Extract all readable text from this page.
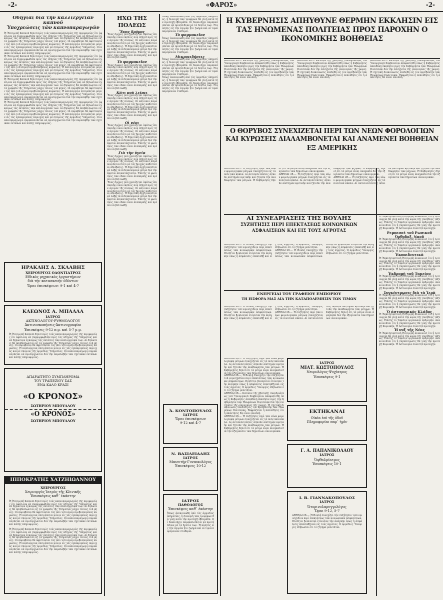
-2-	«ΦΑΡΟΣ»	-2-
Ὁδηγίαι διὰ τὴν καλλιέργειαν καπνοῦ
Ὑποχρεώσεις τῶν καπνοπαραγωγῶν
Ἡ Ἐπιτροπὴ Καπνοῦ δηλοῖ πρὸς τοὺς καπνοπαραγωγοὺς τῆς περιφερείας ὅτι ὀφείλουν νὰ συμμορφωθοῦν πρὸς τὰς ὁδηγίας τῆς Ὑπηρεσίας καὶ νὰ δηλώσουν ἐγκαίρως τὰς ἐκτάσεις τῶν καλλιεργειῶν των. Αἱ δηλώσεις θὰ ὑποβάλλωνται εἰς τὰ γραφεῖα τῆς Ὑπηρεσίας μέχρι τέλους τοῦ μηνός. Οἱ παραβάται θὰ ὑφίστανται τὰς ὑπὸ τοῦ νόμου προβλεπομένας κυρώσεις. Ἡ καλλιέργεια ἐπιτρέπεται μόνον εἰς τὰς ἐγκεκριμένας περιοχὰς καὶ μὲ σπόρους τῆς ἀρμοδίας Ὑπηρεσίας. Οἱ καπνοπαραγωγοὶ παρακαλοῦνται νὰ προσέρχωνται διὰ τὴν παραλαβὴν τῶν σχετικῶν ἐντύπων καὶ πάσης πληροφορίας.
Ἡ Ἐπιτροπὴ Καπνοῦ δηλοῖ πρὸς τοὺς καπνοπαραγωγοὺς τῆς περιφερείας ὅτι ὀφείλουν νὰ συμμορφωθοῦν πρὸς τὰς ὁδηγίας τῆς Ὑπηρεσίας καὶ νὰ δηλώσουν ἐγκαίρως τὰς ἐκτάσεις τῶν καλλιεργειῶν των. Αἱ δηλώσεις θὰ ὑποβάλλωνται εἰς τὰ γραφεῖα τῆς Ὑπηρεσίας μέχρι τέλους τοῦ μηνός. Οἱ παραβάται θὰ ὑφίστανται τὰς ὑπὸ τοῦ νόμου προβλεπομένας κυρώσεις. Ἡ καλλιέργεια ἐπιτρέπεται μόνον εἰς τὰς ἐγκεκριμένας περιοχὰς καὶ μὲ σπόρους τῆς ἀρμοδίας Ὑπηρεσίας. Οἱ καπνοπαραγωγοὶ παρακαλοῦνται νὰ προσέρχωνται διὰ τὴν παραλαβὴν τῶν σχετικῶν ἐντύπων καὶ πάσης πληροφορίας.
Ἡ Ἐπιτροπὴ Καπνοῦ δηλοῖ πρὸς τοὺς καπνοπαραγωγοὺς τῆς περιφερείας ὅτι ὀφείλουν νὰ συμμορφωθοῦν πρὸς τὰς ὁδηγίας τῆς Ὑπηρεσίας καὶ νὰ δηλώσουν ἐγκαίρως τὰς ἐκτάσεις τῶν καλλιεργειῶν των. Αἱ δηλώσεις θὰ ὑποβάλλωνται εἰς τὰ γραφεῖα τῆς Ὑπηρεσίας μέχρι τέλους τοῦ μηνός. Οἱ παραβάται θὰ ὑφίστανται τὰς ὑπὸ τοῦ νόμου προβλεπομένας κυρώσεις. Ἡ καλλιέργεια ἐπιτρέπεται μόνον εἰς τὰς ἐγκεκριμένας περιοχὰς καὶ μὲ σπόρους τῆς ἀρμοδίας Ὑπηρεσίας. Οἱ καπνοπαραγωγοὶ παρακαλοῦνται νὰ προσέρχωνται διὰ τὴν παραλαβὴν τῶν σχετικῶν ἐντύπων καὶ πάσης πληροφορίας.
Ἡ Ἐπιτροπὴ Καπνοῦ δηλοῖ πρὸς τοὺς καπνοπαραγωγοὺς τῆς περιφερείας ὅτι ὀφείλουν νὰ συμμορφωθοῦν πρὸς τὰς ὁδηγίας τῆς Ὑπηρεσίας καὶ νὰ δηλώσουν ἐγκαίρως τὰς ἐκτάσεις τῶν καλλιεργειῶν των. Αἱ δηλώσεις θὰ ὑποβάλλωνται εἰς τὰ γραφεῖα τῆς Ὑπηρεσίας μέχρι τέλους τοῦ μηνός. Οἱ παραβάται θὰ ὑφίστανται τὰς ὑπὸ τοῦ νόμου προβλεπομένας κυρώσεις. Ἡ καλλιέργεια ἐπιτρέπεται μόνον εἰς τὰς ἐγκεκριμένας περιοχὰς καὶ μὲ σπόρους τῆς ἀρμοδίας Ὑπηρεσίας. Οἱ καπνοπαραγωγοὶ παρακαλοῦνται νὰ προσέρχωνται διὰ τὴν παραλαβὴν τῶν σχετικῶν ἐντύπων καὶ πάσης πληροφορίας.
ΗΡΑΚΛΗΣ Δ. ΣΚΛΑΒΗΣ
ΧΕΙΡΟΥΡΓΟΣ ΟΔΟΝΤΙΑΤΡΟΣ
Εἰδικὸς μηχανικὸς ἐργαστήριον
διὰ τὴν κατασκευὴν ὀδόντων
Ὥραι ἐπισκέψεων: 9-1 καὶ 4-7
ΚΛΕΩΝΟΣ Α. ΜΠΑΛΛΑ
ΙΑΤΡΟΣ
ΑΚΤΙΝΟΛΟΓΟΥ-ΡΥΘΜΟΛΟΓΟΥ
Ἀκτινοσκοπήσεις-Ἀκτινογραφίαι
Ἐπισκέψεις 9-12 π.μ. καὶ 5-7 μ.μ.
Ἡ Ἐπιτροπὴ Καπνοῦ δηλοῖ πρὸς τοὺς καπνοπαραγωγοὺς τῆς περιφερείας ὅτι ὀφείλουν νὰ συμμορφωθοῦν πρὸς τὰς ὁδηγίας τῆς Ὑπηρεσίας καὶ νὰ δηλώσουν ἐγκαίρως τὰς ἐκτάσεις τῶν καλλιεργειῶν των. Αἱ δηλώσεις θὰ ὑποβάλλωνται εἰς τὰ γραφεῖα τῆς Ὑπηρεσίας μέχρι τέλους τοῦ μηνός. Οἱ παραβάται θὰ ὑφίστανται τὰς ὑπὸ τοῦ νόμου προβλεπομένας κυρώσεις. Ἡ καλλιέργεια ἐπιτρέπεται μόνον εἰς τὰς ἐγκεκριμένας περιοχὰς καὶ μὲ σπόρους τῆς ἀρμοδίας Ὑπηρεσίας. Οἱ καπνοπαραγωγοὶ παρακαλοῦνται νὰ προσέρχωνται διὰ τὴν παραλαβὴν τῶν σχετικῶν ἐντύπων καὶ πάσης πληροφορίας.
ΑΠΑΡΑΙΤΗΤΟ ΣΥΜΠΛΗΡΩΜΑ
ΤΟΥ ΤΡΑΠΕΖΙΟΥ ΣΑΣ
ΕΝΑ ΚΑΛΟ ΚΡΑΣΙ
«Ο ΚΡΟΝΟΣ»
ΣΩΤΗΡΙΟΥ ΜΠΟΥΛΛΟΥ
«Ο ΚΡΟΝΟΣ»
ΣΩΤΗΡΙΟΥ ΜΠΟΥΛΛΟΥ
ΙΠΠΟΚΡΑΤΗΣ ΧΑΤΖΗΙΩΑΝΝΟΥ
ΧΕΙΡΟΥΡΓΟΣ
Χειρουργὸς Ἰατρὸς τῆς Κλινικῆς
Ἐπισκέψεις καθ᾽ ἑκάστην
Ἡ Ἐπιτροπὴ Καπνοῦ δηλοῖ πρὸς τοὺς καπνοπαραγωγοὺς τῆς περιφερείας ὅτι ὀφείλουν νὰ συμμορφωθοῦν πρὸς τὰς ὁδηγίας τῆς Ὑπηρεσίας καὶ νὰ δηλώσουν ἐγκαίρως τὰς ἐκτάσεις τῶν καλλιεργειῶν των. Αἱ δηλώσεις θὰ ὑποβάλλωνται εἰς τὰ γραφεῖα τῆς Ὑπηρεσίας μέχρι τέλους τοῦ μηνός. Οἱ παραβάται θὰ ὑφίστανται τὰς ὑπὸ τοῦ νόμου προβλεπομένας κυρώσεις. Ἡ καλλιέργεια ἐπιτρέπεται μόνον εἰς τὰς ἐγκεκριμένας περιοχὰς καὶ μὲ σπόρους τῆς ἀρμοδίας Ὑπηρεσίας. Οἱ καπνοπαραγωγοὶ παρακαλοῦνται νὰ προσέρχωνται διὰ τὴν παραλαβὴν τῶν σχετικῶν ἐντύπων καὶ πάσης πληροφορίας.
Ἡ Ἐπιτροπὴ Καπνοῦ δηλοῖ πρὸς τοὺς καπνοπαραγωγοὺς τῆς περιφερείας ὅτι ὀφείλουν νὰ συμμορφωθοῦν πρὸς τὰς ὁδηγίας τῆς Ὑπηρεσίας καὶ νὰ δηλώσουν ἐγκαίρως τὰς ἐκτάσεις τῶν καλλιεργειῶν των. Αἱ δηλώσεις θὰ ὑποβάλλωνται εἰς τὰ γραφεῖα τῆς Ὑπηρεσίας μέχρι τέλους τοῦ μηνός. Οἱ παραβάται θὰ ὑφίστανται τὰς ὑπὸ τοῦ νόμου προβλεπομένας κυρώσεις. Ἡ καλλιέργεια ἐπιτρέπεται μόνον εἰς τὰς ἐγκεκριμένας περιοχὰς καὶ μὲ σπόρους τῆς ἀρμοδίας Ὑπηρεσίας. Οἱ καπνοπαραγωγοὶ παρακαλοῦνται νὰ προσέρχωνται διὰ τὴν παραλαβὴν τῶν σχετικῶν ἐντύπων καὶ πάσης πληροφορίας.
ΗΧΩ ΤΗΣ ΠΟΛΕΩΣ
Ἔνας δρόμος
Ἕνας δρόμος ποὺ χρειάζεται ἀμέσως ἐπισκευήν εἶναι ἐκεῖνος ποὺ ὁδηγεῖ πρὸς τὴν ἀγορὰν τῆς πόλεως. Οἱ κάτοικοι παραπονοῦνται διότι μὲ τὰς βροχὰς καθίσταται ἀδιάβατος. Ἡ δημοτικὴ ἀρχὴ καλεῖται νὰ λάβῃ τὰ ἐνδεικνυόμενα μέτρα διὰ τὴν ἄμεσον ἀποκατάστασιν. Ἐπίσης τὸ φωτισμὸς τῶν ὁδῶν εἶναι ἀνεπαρκὴς καὶ πρέπει νὰ βελτιωθῇ.
Τὸ φαρμακεῖον
Ἕνας δρόμος ποὺ χρειάζεται ἀμέσως ἐπισκευήν εἶναι ἐκεῖνος ποὺ ὁδηγεῖ πρὸς τὴν ἀγορὰν τῆς πόλεως. Οἱ κάτοικοι παραπονοῦνται διότι μὲ τὰς βροχὰς καθίσταται ἀδιάβατος. Ἡ δημοτικὴ ἀρχὴ καλεῖται νὰ λάβῃ τὰ ἐνδεικνυόμενα μέτρα διὰ τὴν ἄμεσον ἀποκατάστασιν. Ἐπίσης τὸ φωτισμὸς τῶν ὁδῶν εἶναι ἀνεπαρκὴς καὶ πρέπει νὰ βελτιωθῇ.
Κάτι ποὺ λείπει
Ἕνας δρόμος ποὺ χρειάζεται ἀμέσως ἐπισκευήν εἶναι ἐκεῖνος ποὺ ὁδηγεῖ πρὸς τὴν ἀγορὰν τῆς πόλεως. Οἱ κάτοικοι παραπονοῦνται διότι μὲ τὰς βροχὰς καθίσταται ἀδιάβατος. Ἡ δημοτικὴ ἀρχὴ καλεῖται νὰ λάβῃ τὰ ἐνδεικνυόμενα μέτρα διὰ τὴν ἄμεσον ἀποκατάστασιν. Ἐπίσης τὸ φωτισμὸς τῶν ὁδῶν εἶναι ἀνεπαρκὴς καὶ πρέπει νὰ βελτιωθῇ.
Οἱ νέοι
Ἕνας δρόμος ποὺ χρειάζεται ἀμέσως ἐπισκευήν εἶναι ἐκεῖνος ποὺ ὁδηγεῖ πρὸς τὴν ἀγορὰν τῆς πόλεως. Οἱ κάτοικοι παραπονοῦνται διότι μὲ τὰς βροχὰς καθίσταται ἀδιάβατος. Ἡ δημοτικὴ ἀρχὴ καλεῖται νὰ λάβῃ τὰ ἐνδεικνυόμενα μέτρα διὰ τὴν ἄμεσον ἀποκατάστασιν. Ἐπίσης τὸ φωτισμὸς τῶν ὁδῶν εἶναι ἀνεπαρκὴς καὶ πρέπει νὰ βελτιωθῇ.
Γιὰ τὴν ὑγεία
Ἕνας δρόμος ποὺ χρειάζεται ἀμέσως ἐπισκευήν εἶναι ἐκεῖνος ποὺ ὁδηγεῖ πρὸς τὴν ἀγορὰν τῆς πόλεως. Οἱ κάτοικοι παραπονοῦνται διότι μὲ τὰς βροχὰς καθίσταται ἀδιάβατος. Ἡ δημοτικὴ ἀρχὴ καλεῖται νὰ λάβῃ τὰ ἐνδεικνυόμενα μέτρα διὰ τὴν ἄμεσον ἀποκατάστασιν. Ἐπίσης τὸ φωτισμὸς τῶν ὁδῶν εἶναι ἀνεπαρκὴς καὶ πρέπει νὰ βελτιωθῇ.
Ἕνας δρόμος ποὺ χρειάζεται ἀμέσως ἐπισκευήν εἶναι ἐκεῖνος ποὺ ὁδηγεῖ πρὸς τὴν ἀγορὰν τῆς πόλεως. Οἱ κάτοικοι παραπονοῦνται διότι μὲ τὰς βροχὰς καθίσταται ἀδιάβατος. Ἡ δημοτικὴ ἀρχὴ καλεῖται νὰ λάβῃ τὰ ἐνδεικνυόμενα μέτρα διὰ τὴν ἄμεσον ἀποκατάστασιν. Ἐπίσης τὸ φωτισμὸς τῶν ὁδῶν εἶναι ἀνεπαρκὴς καὶ πρέπει νὰ βελτιωθῇ.
Ὅπως ἀνεκοινώθη ἀπὸ τὰς ἁρμοδίας ὑπηρεσίας, ἡ διανομὴ τῶν τροφίμων θὰ γίνῃ κατὰ τὴν προσεχῆ ἑβδομάδα. Οἱ δικαιοῦχοι παρακαλοῦνται νὰ προσέλθουν μὲ τὰ δελτία των. Ἡ κίνησις εἰς τὴν ἀγορὰν ἦτο ζωηρὰ καὶ αἱ τιμαὶ παρέμειναν σταθεραί.
Τὸ φαρμακεῖον
Ὅπως ἀνεκοινώθη ἀπὸ τὰς ἁρμοδίας ὑπηρεσίας, ἡ διανομὴ τῶν τροφίμων θὰ γίνῃ κατὰ τὴν προσεχῆ ἑβδομάδα. Οἱ δικαιοῦχοι παρακαλοῦνται νὰ προσέλθουν μὲ τὰ δελτία των. Ἡ κίνησις εἰς τὴν ἀγορὰν ἦτο ζωηρὰ καὶ αἱ τιμαὶ παρέμειναν σταθεραί.
Μικροειδήσεις
Ὅπως ἀνεκοινώθη ἀπὸ τὰς ἁρμοδίας ὑπηρεσίας, ἡ διανομὴ τῶν τροφίμων θὰ γίνῃ κατὰ τὴν προσεχῆ ἑβδομάδα. Οἱ δικαιοῦχοι παρακαλοῦνται νὰ προσέλθουν μὲ τὰ δελτία των. Ἡ κίνησις εἰς τὴν ἀγορὰν ἦτο ζωηρὰ καὶ αἱ τιμαὶ παρέμειναν σταθεραί.
Ὅπως ἀνεκοινώθη ἀπὸ τὰς ἁρμοδίας ὑπηρεσίας, ἡ διανομὴ τῶν τροφίμων θὰ γίνῃ κατὰ τὴν προσεχῆ ἑβδομάδα. Οἱ δικαιοῦχοι παρακαλοῦνται νὰ προσέλθουν μὲ τὰ δελτία των. Ἡ κίνησις εἰς τὴν ἀγορὰν ἦτο ζωηρὰ καὶ αἱ τιμαὶ παρέμειναν σταθεραί.
Ἀ. ΚΟΝΤΟΠΟΥΛΟΣ
ΙΑΤΡΟΣ
Ὥραι ἐπισκέψεων
9-12 καὶ 4-7
Ν. ΒΑΣΙΛΕΙΑΔΗΣ
ΙΑΤΡΟΣ
Μαιευτὴρ-Γυναικολόγος
Ἐπισκέψεις 10-12
ΙΑΤΡΟΣ
ΠΑΘΟΛΟΓΟΣ
Ἐπισκέψεις καθ᾽ ἑκάστην
Ὅπως ἀνεκοινώθη ἀπὸ τὰς ἁρμοδίας ὑπηρεσίας, ἡ διανομὴ τῶν τροφίμων θὰ γίνῃ κατὰ τὴν προσεχῆ ἑβδομάδα. Οἱ δικαιοῦχοι παρακαλοῦνται νὰ προσέλθουν μὲ τὰ δελτία των. Ἡ κίνησις εἰς τὴν ἀγορὰν ἦτο ζωηρὰ καὶ αἱ τιμαὶ παρέμειναν σταθεραί.
Η ΚΥΒΕΡΝΗΣΙΣ ΑΠΗΥΘΥΝΕ ΘΕΡΜΗΝ ΕΚΚΛΗΣΙΝ ΕΙΣ ΤΑΣ ΗΝΩΜΕΝΑΣ ΠΟΛΙΤΕΙΑΣ ΠΡΟΣ ΠΑΡΟΧΗΝ Ο ΙΚΟΝΟΜΙΚΗΣ ΒΟΗΘΕΙΑΣ
ΑΘΗΝΑΙ 28.— Κατόπιν τῆς χθεσινῆς συνεδριάσεως τοῦ Ὑπουργικοῦ Συμβουλίου ἀπεφασίσθη ὅπως ἡ Κυβέρνησις ἀπευθύνῃ ἔκκλησιν πρὸς τὴν Κυβέρνησιν τῶν Ἡνωμένων Πολιτειῶν διὰ τὴν ἐνίσχυσιν τῆς οἰκονομίας τῆς χώρας. Ἡ σχετικὴ διακοίνωσις ἐπεδόθη εἰς τὸν πρεσβευτὴν τῶν Ἡνωμένων Πολιτειῶν. Ἐκφράζεται ἡ πεποίθησις ὅτι ἡ ἀπάντησις θὰ εἶναι εὐνοϊκή.
ΑΘΗΝΑΙ 28.— Κατόπιν τῆς χθεσινῆς συνεδριάσεως τοῦ Ὑπουργικοῦ Συμβουλίου ἀπεφασίσθη ὅπως ἡ Κυβέρνησις ἀπευθύνῃ ἔκκλησιν πρὸς τὴν Κυβέρνησιν τῶν Ἡνωμένων Πολιτειῶν διὰ τὴν ἐνίσχυσιν τῆς οἰκονομίας τῆς χώρας. Ἡ σχετικὴ διακοίνωσις ἐπεδόθη εἰς τὸν πρεσβευτὴν τῶν Ἡνωμένων Πολιτειῶν. Ἐκφράζεται ἡ πεποίθησις ὅτι ἡ ἀπάντησις θὰ εἶναι εὐνοϊκή.
ΑΘΗΝΑΙ 28.— Κατόπιν τῆς χθεσινῆς συνεδριάσεως τοῦ Ὑπουργικοῦ Συμβουλίου ἀπεφασίσθη ὅπως ἡ Κυβέρνησις ἀπευθύνῃ ἔκκλησιν πρὸς τὴν Κυβέρνησιν τῶν Ἡνωμένων Πολιτειῶν διὰ τὴν ἐνίσχυσιν τῆς οἰκονομίας τῆς χώρας. Ἡ σχετικὴ διακοίνωσις ἐπεδόθη εἰς τὸν πρεσβευτὴν τῶν Ἡνωμένων Πολιτειῶν. Ἐκφράζεται ἡ πεποίθησις ὅτι ἡ ἀπάντησις θὰ εἶναι εὐνοϊκή.
Ο ΘΟΡΥΒΟΣ ΣΥΝΕΧΙΖΕΤΑΙ ΠΕΡΙ ΤΩΝ ΝΕΩΝ ΦΟΡΟΛΟΓΙΩΝ ΚΑΙ ΚΥΡΩΣΕΙΣ ΔΙΑΛΑΜΒΟΝΕΤΑΙ ΚΑΙ ΑΝΑΜΕΝΕΙ ΒΟΗΘΕΙΑΝ ΕΞ ΑΜΕΡΙΚΗΣ
ΑΘΗΝΑΙ 28.— Ἡ συζήτησις περὶ τῶν νέων φορολογικῶν μέτρων συνεχίζεται εἰς τὰ πολιτικὰ κύκλα. Αἱ ἀντιπολιτεύσεις ἀσκοῦν αὐστηρὰν κριτικὴν καὶ ζητοῦν τὴν ἀναθεώρησιν τῶν μέτρων. Ἡ Κυβέρνησις δηλοῖ ὅτι τὰ μέτρα εἶναι ἀναγκαῖα διὰ τὴν ἐξυγίανσιν τῶν δημοσίων οἰκονομικῶν.
ΑΘΗΝΑΙ 28.— Ἡ συζήτησις περὶ τῶν νέων φορολογικῶν μέτρων συνεχίζεται εἰς τὰ πολιτικὰ κύκλα. Αἱ ἀντιπολιτεύσεις ἀσκοῦν αὐστηρὰν κριτικὴν καὶ ζητοῦν τὴν ἀναθεώρησιν τῶν μέτρων. Ἡ Κυβέρνησις δηλοῖ ὅτι τὰ μέτρα εἶναι ἀναγκαῖα διὰ τὴν ἐξυγίανσιν τῶν δημοσίων οἰκονομικῶν.
ΑΘΗΝΑΙ 28.— Ἡ συζήτησις περὶ τῶν νέων φορολογικῶν μέτρων συνεχίζεται εἰς τὰ πολιτικὰ κύκλα. Αἱ ἀντιπολιτεύσεις ἀσκοῦν αὐστηρὰν κριτικὴν καὶ ζητοῦν τὴν ἀναθεώρησιν τῶν μέτρων. Ἡ Κυβέρνησις δηλοῖ ὅτι τὰ μέτρα εἶναι ἀναγκαῖα διὰ τὴν ἐξυγίανσιν τῶν δημοσίων οἰκονομικῶν.
ΑΙ ΣΥΝΕΔΡΙΑΣΕΙΣ ΤΗΣ ΒΟΥΛΗΣ
ΣΥΖΗΤΗΣΙΣ ΠΕΡΙ ΕΠΕΚΤΑΣΕΩΣ ΚΟΙΝΩΝΙΚΩΝ ΑΣΦΑΛΙΣΕΩΝ ΚΑΙ ΕΙΣ ΤΟΥΣ ΑΓΡΟΤΑΣ
ΑΘΗΝΑΙ 28.— Ἡ Βουλὴ συνεχίζει τὴν συζήτησιν τοῦ νομοσχεδίου περὶ ἐπεκτάσεως τῶν κοινωνικῶν ἀσφαλίσεων. Πλεῖστοι βουλευταὶ ἐτόνισαν τὴν ἀνάγκην ὅπως ἡ ἀσφάλισις ἐπεκταθῇ καὶ εἰς τοὺς ἀγρότας. Ὁ ἁρμόδιος Ὑπουργὸς ἐδήλωσεν ὅτι τὸ ζήτημα μελετᾶται.
ΑΘΗΝΑΙ 28.— Ἡ Βουλὴ συνεχίζει τὴν συζήτησιν τοῦ νομοσχεδίου περὶ ἐπεκτάσεως τῶν κοινωνικῶν ἀσφαλίσεων. Πλεῖστοι βουλευταὶ ἐτόνισαν τὴν ἀνάγκην ὅπως ἡ ἀσφάλισις ἐπεκταθῇ καὶ εἰς τοὺς ἀγρότας. Ὁ ἁρμόδιος Ὑπουργὸς ἐδήλωσεν ὅτι τὸ ζήτημα μελετᾶται.
ΕΝΕΡΓΕΙΑΙ ΤΟΥ ΓΡΑΦΕΙΟΥ ΕΜΠΟΡΙΟΥ
ΤΗ ΕΙΣΦΟΡΑ ΜΑΣ ΔΙΑ ΤΗΝ ΚΑΤΑΠΟΛΕΜΗΣΙΝ ΤΩΝ ΤΙΜΩΝ
ΑΘΗΝΑΙ 28.— Ἡ Βουλὴ συνεχίζει τὴν συζήτησιν τοῦ νομοσχεδίου περὶ ἐπεκτάσεως τῶν κοινωνικῶν ἀσφαλίσεων. Πλεῖστοι βουλευταὶ ἐτόνισαν τὴν ἀνάγκην ὅπως ἡ ἀσφάλισις ἐπεκταθῇ καὶ εἰς τοὺς ἀγρότας. Ὁ ἁρμόδιος Ὑπουργὸς ἐδήλωσεν ὅτι τὸ ζήτημα μελετᾶται.
ΑΘΗΝΑΙ 28.— Ἡ συζήτησις περὶ τῶν νέων φορολογικῶν μέτρων συνεχίζεται εἰς τὰ πολιτικὰ κύκλα. Αἱ ἀντιπολιτεύσεις ἀσκοῦν αὐστηρὰν κριτικὴν καὶ ζητοῦν τὴν ἀναθεώρησιν τῶν μέτρων. Ἡ Κυβέρνησις δηλοῖ ὅτι τὰ μέτρα εἶναι ἀναγκαῖα διὰ τὴν ἐξυγίανσιν τῶν δημοσίων οἰκονομικῶν.
ΙΑΤΡΟΣ
ΜΙΑΤ. ΚΩΣΤΟΠΟΥΛΟΣ
Νευρολόγος-Ψυχίατρος
Ἐπισκέψεις 9-1
ΕΚΤΗΚΑΝΑΙ
Οἰκία ἐπὶ τῆς ὁδοῦ
Πληροφορίαι παρ᾽ ἡμῖν
Γ. Α. ΠΑΠΑΝΙΚΟΛΑΟΥ
ΙΑΤΡΟΣ
Ὀφθαλμίατρος
Ἐπισκέψεις 10-1
Ι. Β. ΓΙΑΝΝΑΚΟΠΟΥΛΟΣ
ΙΑΤΡΟΣ
Ὠτορινολαρυγγολόγος
Ὥραι 9-12, 5-7
ΑΘΗΝΑΙ 28.— Ἡ Βουλὴ συνεχίζει τὴν συζήτησιν τοῦ νομοσχεδίου περὶ ἐπεκτάσεως τῶν κοινωνικῶν ἀσφαλίσεων. Πλεῖστοι βουλευταὶ ἐτόνισαν τὴν ἀνάγκην ὅπως ἡ ἀσφάλισις ἐπεκταθῇ καὶ εἰς τοὺς ἀγρότας. Ὁ ἁρμόδιος Ὑπουργὸς ἐδήλωσεν ὅτι τὸ ζήτημα μελετᾶται.
ΑΘΗΝΑΙ 28.— Ἡ συζήτησις περὶ τῶν νέων φορολογικῶν μέτρων συνεχίζεται εἰς τὰ πολιτικὰ κύκλα. Αἱ ἀντιπολιτεύσεις ἀσκοῦν αὐστηρὰν κριτικὴν καὶ ζητοῦν τὴν ἀναθεώρησιν τῶν μέτρων. Ἡ Κυβέρνησις δηλοῖ ὅτι τὰ μέτρα εἶναι ἀναγκαῖα διὰ τὴν ἐξυγίανσιν τῶν δημοσίων οἰκονομικῶν.
ΑΘΗΝΑΙ 28.— Ἡ Βουλὴ συνεχίζει τὴν συζήτησιν τοῦ νομοσχεδίου περὶ ἐπεκτάσεως τῶν κοινωνικῶν ἀσφαλίσεων. Πλεῖστοι βουλευταὶ ἐτόνισαν τὴν ἀνάγκην ὅπως ἡ ἀσφάλισις ἐπεκταθῇ καὶ εἰς τοὺς ἀγρότας. Ὁ ἁρμόδιος Ὑπουργὸς ἐδήλωσεν ὅτι τὸ ζήτημα μελετᾶται.
ΑΘΗΝΑΙ 28.— Κατόπιν τῆς χθεσινῆς συνεδριάσεως τοῦ Ὑπουργικοῦ Συμβουλίου ἀπεφασίσθη ὅπως ἡ Κυβέρνησις ἀπευθύνῃ ἔκκλησιν πρὸς τὴν Κυβέρνησιν τῶν Ἡνωμένων Πολιτειῶν διὰ τὴν ἐνίσχυσιν τῆς οἰκονομίας τῆς χώρας. Ἡ σχετικὴ διακοίνωσις ἐπεδόθη εἰς τὸν πρεσβευτὴν τῶν Ἡνωμένων Πολιτειῶν. Ἐκφράζεται ἡ πεποίθησις ὅτι ἡ ἀπάντησις θὰ εἶναι εὐνοϊκή.
ΑΘΗΝΑΙ 28.— Ἡ συζήτησις περὶ τῶν νέων φορολογικῶν μέτρων συνεχίζεται εἰς τὰ πολιτικὰ κύκλα. Αἱ ἀντιπολιτεύσεις ἀσκοῦν αὐστηρὰν κριτικὴν καὶ ζητοῦν τὴν ἀναθεώρησιν τῶν μέτρων. Ἡ Κυβέρνησις δηλοῖ ὅτι τὰ μέτρα εἶναι ἀναγκαῖα διὰ τὴν ἐξυγίανσιν τῶν δημοσίων οἰκονομικῶν.
Ἡ Ἐκκλησιαστικὴ Ἐπιτροπὴ ἀνακοινοῖ ὅτι ἡ λειτουργία θὰ γίνῃ κατὰ τὴν ὥραν τῆς συνήθους τάξεως. Ἐπίσης τὸ Ταμεῖον ὀργανώνει ἐκδρομήν. Ἀνακοινοῦται ὅτι ἡ συγκέντρωσις θὰ γίνῃ τὴν προσεχῆ Κυριακήν. Ἡ Ἀστυνομία συνιστᾷ προσοχήν.
Ρεμπεσσὲ τοῦ Ρωσικοῦ Ὀρθοδοξ. Ναοῦ
Ἡ Ἐκκλησιαστικὴ Ἐπιτροπὴ ἀνακοινοῖ ὅτι ἡ λειτουργία θὰ γίνῃ κατὰ τὴν ὥραν τῆς συνήθους τάξεως. Ἐπίσης τὸ Ταμεῖον ὀργανώνει ἐκδρομήν. Ἀνακοινοῦται ὅτι ἡ συγκέντρωσις θὰ γίνῃ τὴν προσεχῆ Κυριακήν. Ἡ Ἀστυνομία συνιστᾷ προσοχήν.
Ἐκπαιδευτικὰ
Ἡ Ἐκκλησιαστικὴ Ἐπιτροπὴ ἀνακοινοῖ ὅτι ἡ λειτουργία θὰ γίνῃ κατὰ τὴν ὥραν τῆς συνήθους τάξεως. Ἐπίσης τὸ Ταμεῖον ὀργανώνει ἐκδρομήν. Ἀνακοινοῦται ὅτι ἡ συγκέντρωσις θὰ γίνῃ τὴν προσεχῆ Κυριακήν. Ἡ Ἀστυνομία συνιστᾷ προσοχήν.
Ἐκδρομὴ τοῦ Ταμείου
Ἡ Ἐκκλησιαστικὴ Ἐπιτροπὴ ἀνακοινοῖ ὅτι ἡ λειτουργία θὰ γίνῃ κατὰ τὴν ὥραν τῆς συνήθους τάξεως. Ἐπίσης τὸ Ταμεῖον ὀργανώνει ἐκδρομήν. Ἀνακοινοῦται ὅτι ἡ συγκέντρωσις θὰ γίνῃ τὴν προσεχῆ Κυριακήν. Ἡ Ἀστυνομία συνιστᾷ προσοχήν.
Συγκέντρωσις διὰ τὰ Ἱερὰ
Ἡ Ἐκκλησιαστικὴ Ἐπιτροπὴ ἀνακοινοῖ ὅτι ἡ λειτουργία θὰ γίνῃ κατὰ τὴν ὥραν τῆς συνήθους τάξεως. Ἐπίσης τὸ Ταμεῖον ὀργανώνει ἐκδρομήν. Ἀνακοινοῦται ὅτι ἡ συγκέντρωσις θὰ γίνῃ τὴν προσεχῆ Κυριακήν. Ἡ Ἀστυνομία συνιστᾷ προσοχήν.
Ὁ ἀστυνομικὸς Κλάδος
Ἡ Ἐκκλησιαστικὴ Ἐπιτροπὴ ἀνακοινοῖ ὅτι ἡ λειτουργία θὰ γίνῃ κατὰ τὴν ὥραν τῆς συνήθους τάξεως. Ἐπίσης τὸ Ταμεῖον ὀργανώνει ἐκδρομήν. Ἀνακοινοῦται ὅτι ἡ συγκέντρωσις θὰ γίνῃ τὴν προσεχῆ Κυριακήν. Ἡ Ἀστυνομία συνιστᾷ προσοχήν.
Ἡ νυξ τῆς Νέας
Ἡ Ἐκκλησιαστικὴ Ἐπιτροπὴ ἀνακοινοῖ ὅτι ἡ λειτουργία θὰ γίνῃ κατὰ τὴν ὥραν τῆς συνήθους τάξεως. Ἐπίσης τὸ Ταμεῖον ὀργανώνει ἐκδρομήν. Ἀνακοινοῦται ὅτι ἡ συγκέντρωσις θὰ γίνῃ τὴν προσεχῆ Κυριακήν. Ἡ Ἀστυνομία συνιστᾷ προσοχήν.
